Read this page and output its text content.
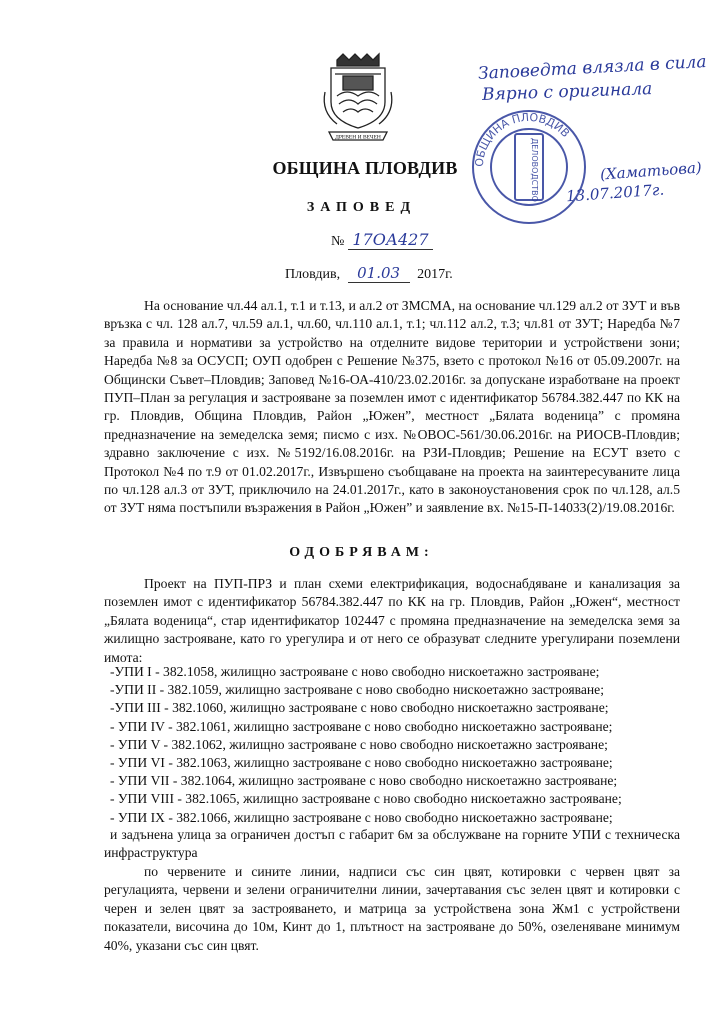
ДРЕВЕН И ВЕЧЕН
ОБЩИНА ПЛОВДИВ
Заповедта влязла в сила
Вярно с оригинала
ОБЩИНА ПЛОВДИВ
ДЕЛОВОДСТВО	(Хаматьова)
13.07.2017г.
ЗАПОВЕД
№ 17ОА427
Пловдив, 01.03 2017г.
На основание чл.44 ал.1, т.1 и т.13, и ал.2 от ЗМСМА, на основание чл.129 ал.2 от ЗУТ и във връзка с чл. 128 ал.7, чл.59 ал.1, чл.60, чл.110 ал.1, т.1; чл.112 ал.2, т.3; чл.81 от ЗУТ; Наредба №7 за правила и нормативи за устройство на отделните видове територии и устройствени зони; Наредба №8 за ОСУСП; ОУП одобрен с Решение №375, взето с протокол №16 от 05.09.2007г. на Общински Съвет–Пловдив; Заповед №16-ОА-410/23.02.2016г. за допускане изработване на проект ПУП–План за регулация и застрояване за поземлен имот с идентификатор 56784.382.447 по КК на гр. Пловдив, Община Пловдив, Район „Южен”, местност „Бялата воденица” с промяна предназначение на земеделска земя; писмо с изх. №ОВОС-561/30.06.2016г. на РИОСВ-Пловдив; здравно заключение с изх. №5192/16.08.2016г. на РЗИ-Пловдив; Решение на ЕСУТ взето с Протокол №4 по т.9 от 01.02.2017г., Извършено съобщаване на проекта на заинтересуваните лица по чл.128 ал.3 от ЗУТ, приключило на 24.01.2017г., като в законоустановения срок по чл.128, ал.5 от ЗУТ няма постъпили възражения в Район „Южен” и заявление вх. №15-П-14033(2)/19.08.2016г.
ОДОБРЯВАМ:
Проект на ПУП-ПРЗ и план схеми електрификация, водоснабдяване и канализация за поземлен имот с идентификатор 56784.382.447 по КК на гр. Пловдив, Район „Южен“, местност „Бялата воденица“, стар идентификатор 102447 с промяна предназначение на земеделска земя за жилищно застрояване, като го урегулира и от него се образуват следните урегулирани поземлени имота:
-УПИ I - 382.1058, жилищно застрояване с ново свободно нискоетажно застрояване;
-УПИ II - 382.1059, жилищно застрояване с ново свободно нискоетажно застрояване;
-УПИ III - 382.1060, жилищно застрояване с ново свободно нискоетажно застрояване;
- УПИ IV - 382.1061, жилищно застрояване с ново свободно нискоетажно застрояване;
- УПИ V - 382.1062, жилищно застрояване с ново свободно нискоетажно застрояване;
- УПИ VI - 382.1063, жилищно застрояване с ново свободно нискоетажно застрояване;
- УПИ VII - 382.1064, жилищно застрояване с ново свободно нискоетажно застрояване;
- УПИ VIII - 382.1065, жилищно застрояване с ново свободно нискоетажно застрояване;
- УПИ IX - 382.1066, жилищно застрояване с ново свободно нискоетажно застрояване;
и задънена улица за ограничен достъп с габарит 6м за обслужване на горните УПИ с техническа инфраструктура
по червените и сините линии, надписи със син цвят, котировки с червен цвят за регулацията, червени и зелени ограничителни линии, зачертавания със зелен цвят и котировки с черен и зелен цвят за застрояването, и матрица за устройствена зона Жм1 с устройствени показатели, височина до 10м, Кинт до 1, плътност на застрояване до 50%, озеленяване минимум 40%, указани със син цвят.
